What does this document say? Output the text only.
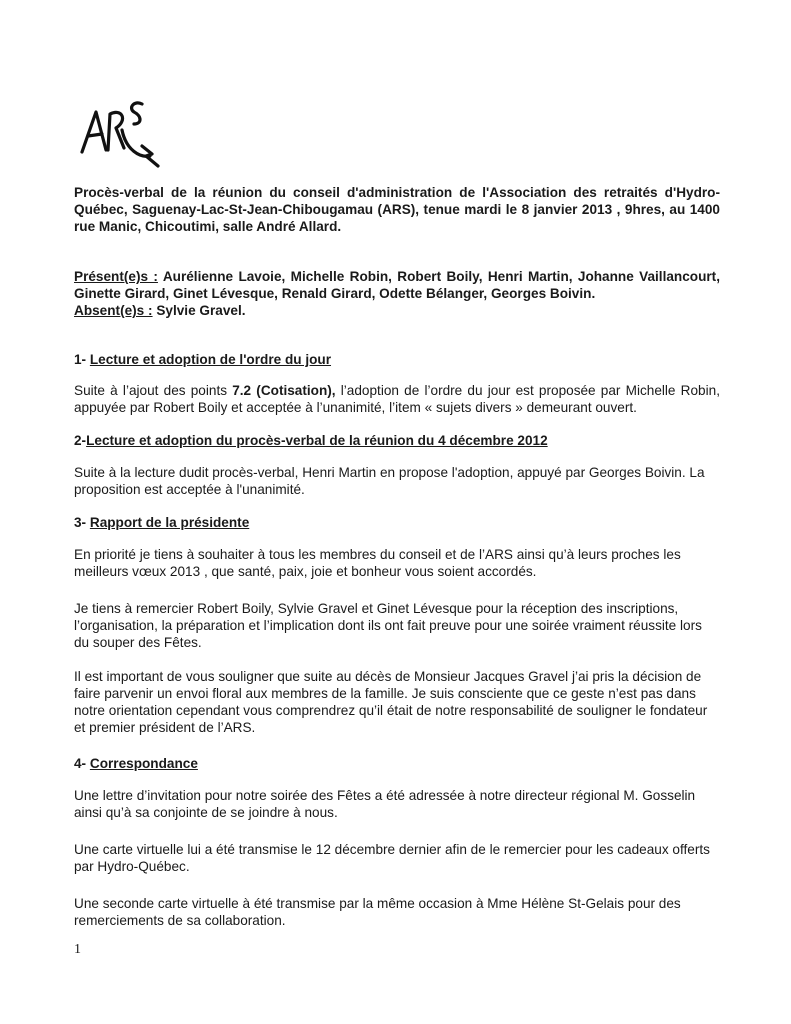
Procès-verbal de la réunion du conseil d'administration de l'Association des retraités d'Hydro-Québec, Saguenay-Lac-St-Jean-Chibougamau (ARS), tenue mardi le 8 janvier 2013 , 9hres, au 1400 rue Manic, Chicoutimi, salle André Allard.
Présent(e)s : Aurélienne Lavoie, Michelle Robin, Robert Boily, Henri Martin, Johanne Vaillancourt, Ginette Girard, Ginet Lévesque, Renald Girard, Odette Bélanger, Georges Boivin.
Absent(e)s : Sylvie Gravel.
1- Lecture et adoption de l'ordre du jour

Suite à l’ajout des points 7.2 (Cotisation), l’adoption de l’ordre du jour est proposée par Michelle Robin, appuyée par Robert Boily et acceptée à l’unanimité, l’item « sujets divers » demeurant ouvert.

2-Lecture et adoption du procès-verbal de la réunion du 4 décembre 2012

Suite à la lecture dudit procès-verbal, Henri Martin en propose l'adoption, appuyé par Georges Boivin. La proposition est acceptée à l'unanimité.

3- Rapport de la présidente

En priorité je tiens à souhaiter à tous les membres du conseil et de l’ARS ainsi qu’à leurs proches les meilleurs vœux 2013 , que santé, paix, joie et bonheur vous soient accordés.

Je tiens à remercier Robert Boily, Sylvie Gravel et Ginet Lévesque pour la réception des inscriptions, l’organisation, la préparation et l’implication dont ils ont fait preuve pour une soirée vraiment réussite lors du souper des Fêtes.

Il est important de vous souligner que suite au décès de Monsieur Jacques Gravel j’ai pris la décision de faire parvenir un envoi floral aux membres de la famille. Je suis consciente que ce geste n’est pas dans notre orientation cependant vous comprendrez qu’il était de notre responsabilité de souligner le fondateur et premier président de l’ARS.

4- Correspondance

Une lettre d’invitation pour notre soirée des Fêtes a été adressée à notre directeur régional M. Gosselin ainsi qu’à sa conjointe de se joindre à nous.

Une carte virtuelle lui a été transmise le 12 décembre dernier afin de le remercier pour les cadeaux offerts par Hydro-Québec.

Une seconde carte virtuelle à été transmise par la même occasion à Mme Hélène St-Gelais pour des remerciements de sa collaboration.

1
